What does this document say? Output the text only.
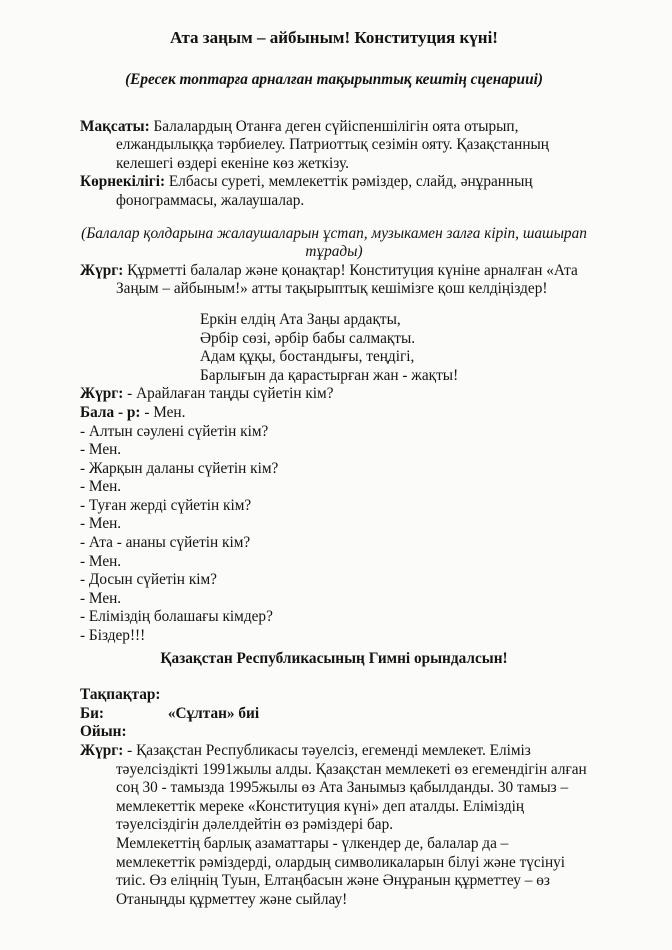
Ата заңым – айбыным! Конституция күні!
(Ересек топтарға арналған тақырыптық кештің сценарииі)
Мақсаты: Балалардың Отанға деген сүйіспеншілігін оята отырып, елжандылыққа тәрбиелеу. Патриоттық сезімін ояту. Қазақстанның келешегі өздері екеніне көз жеткізу.
Көрнекілігі: Елбасы суреті, мемлекеттік рәміздер, слайд, әнұранның фонограммасы, жалаушалар.
(Балалар қолдарына жалаушаларын ұстап, музыкамен залға кіріп, шашырап тұрады)
Жүрг: Құрметті балалар және қонақтар! Конституция күніне арналған «Ата Заңым – айбыным!» атты тақырыптық кешімізге қош келдіңіздер!
Еркін елдің Ата Заңы ардақты,
Әрбір сөзі, әрбір бабы салмақты.
Адам құқы, бостандығы, теңдігі,
Барлығын да қарастырған жан - жақты!
Жүрг: - Арайлаған таңды сүйетін кім?
Бала - р: - Мен.
- Алтын сәулені сүйетін кім?
- Мен.
- Жарқын даланы сүйетін кім?
- Мен.
- Туған жерді сүйетін кім?
- Мен.
- Ата - ананы сүйетін кім?
- Мен.
- Досын сүйетін кім?
- Мен.
- Еліміздің болашағы кімдер?
- Біздер!!!
Қазақстан Республикасының Гимні орындалсын!
Тақпақтар:
Би:	«Сұлтан» биі
Ойын:
Жүрг: - Қазақстан Республикасы тәуелсіз, егеменді мемлекет. Еліміз тәуелсіздікті 1991жылы алды. Қазақстан мемлекеті өз егемендігін алған соң 30 - тамызда 1995жылы өз Ата Занымыз қабылданды. 30 тамыз – мемлекеттік мереке «Конституция күні» деп аталды. Еліміздің тәуелсіздігін дәлелдейтін өз рәміздері бар.
Мемлекеттің барлық азаматтары - үлкендер де, балалар да – мемлекеттік рәміздерді, олардың символикаларын білуі және түсінуі тиіс. Өз еліңнің Туын, Елтаңбасын және Әнұранын құрметтеу – өз Отаныңды құрметтеу және сыйлау!
